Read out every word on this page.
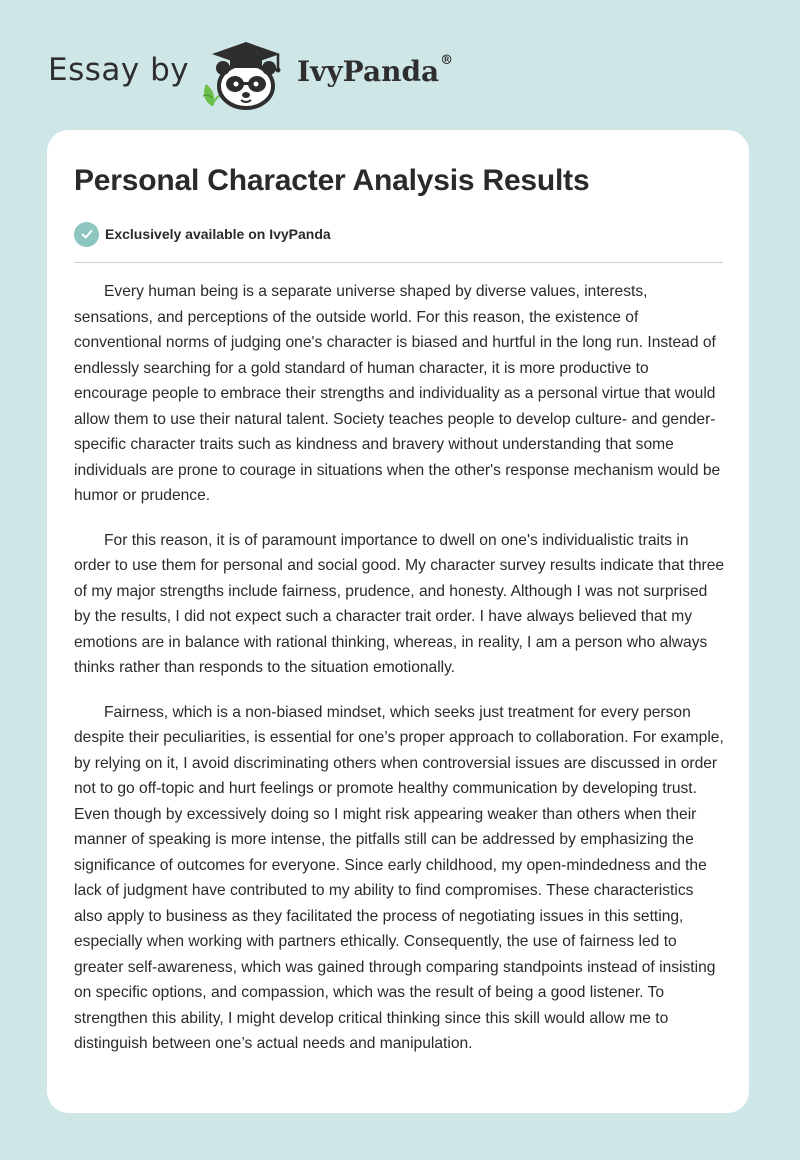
Essay by	IvyPanda®
Personal Character Analysis Results
Exclusively available on IvyPanda

Every human being is a separate universe shaped by diverse values, interests, sensations, and perceptions of the outside world. For this reason, the existence of conventional norms of judging one's character is biased and hurtful in the long run. Instead of endlessly searching for a gold standard of human character, it is more productive to encourage people to embrace their strengths and individuality as a personal virtue that would allow them to use their natural talent. Society teaches people to develop culture- and gender-specific character traits such as kindness and bravery without understanding that some individuals are prone to courage in situations when the other's response mechanism would be humor or prudence.

For this reason, it is of paramount importance to dwell on one's individualistic traits in order to use them for personal and social good. My character survey results indicate that three of my major strengths include fairness, prudence, and honesty. Although I was not surprised by the results, I did not expect such a character trait order. I have always believed that my emotions are in balance with rational thinking, whereas, in reality, I am a person who always thinks rather than responds to the situation emotionally.

Fairness, which is a non-biased mindset, which seeks just treatment for every person despite their peculiarities, is essential for one’s proper approach to collaboration. For example, by relying on it, I avoid discriminating others when controversial issues are discussed in order not to go off-topic and hurt feelings or promote healthy communication by developing trust. Even though by excessively doing so I might risk appearing weaker than others when their manner of speaking is more intense, the pitfalls still can be addressed by emphasizing the significance of outcomes for everyone. Since early childhood, my open-mindedness and the lack of judgment have contributed to my ability to find compromises. These characteristics also apply to business as they facilitated the process of negotiating issues in this setting, especially when working with partners ethically. Consequently, the use of fairness led to greater self-awareness, which was gained through comparing standpoints instead of insisting on specific options, and compassion, which was the result of being a good listener. To strengthen this ability, I might develop critical thinking since this skill would allow me to distinguish between one’s actual needs and manipulation.
